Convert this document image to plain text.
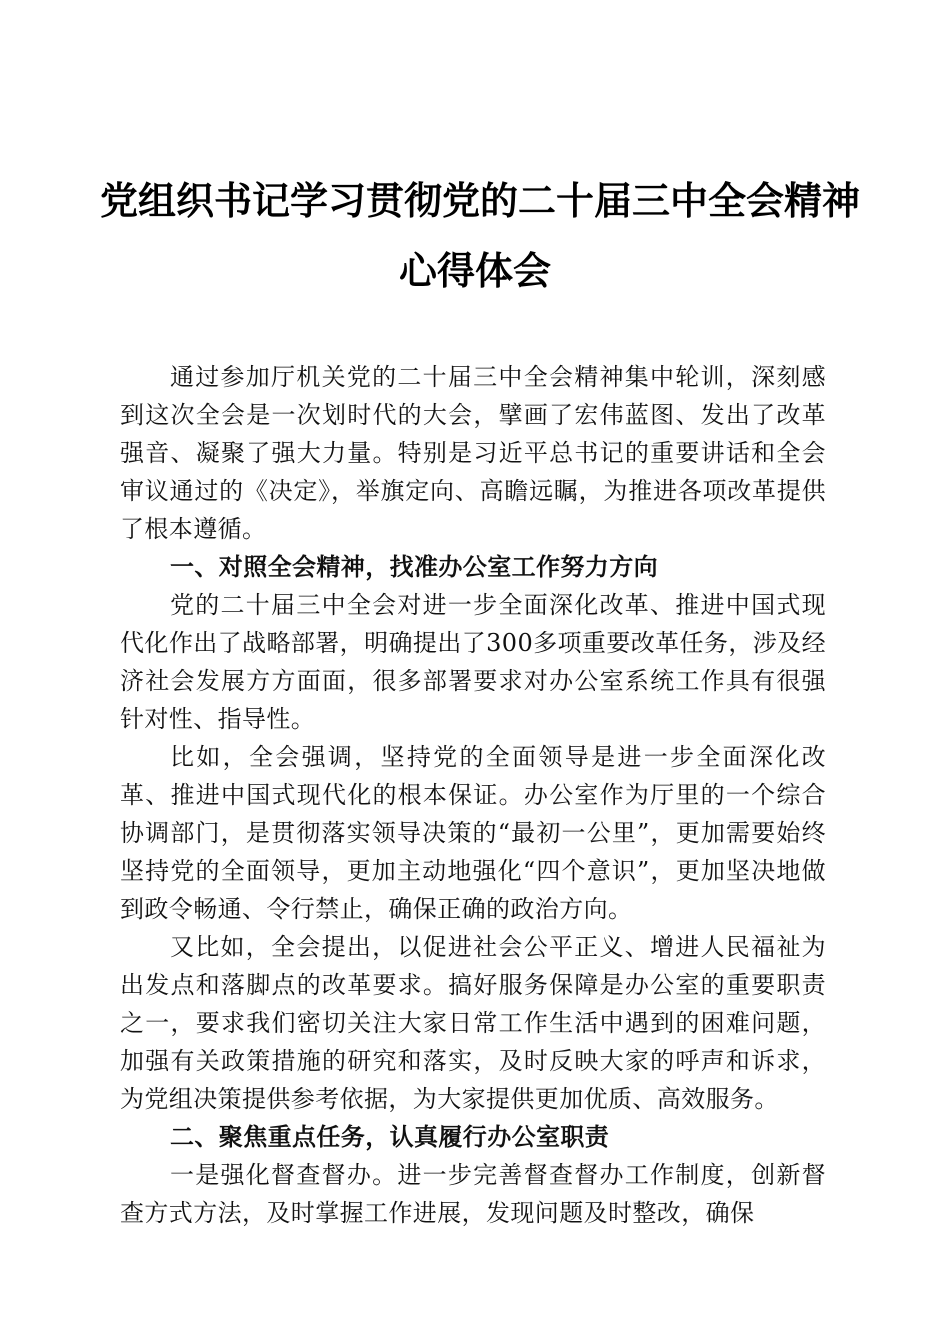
党组织书记学习贯彻党的二十届三中全会精神
心得体会

通过参加厅机关党的二十届三中全会精神集中轮训，深刻感到这次全会是一次划时代的大会，擘画了宏伟蓝图、发出了改革强音、凝聚了强大力量。特别是习近平总书记的重要讲话和全会审议通过的《决定》，举旗定向、高瞻远瞩，为推进各项改革提供了根本遵循。

一、对照全会精神，找准办公室工作努力方向

党的二十届三中全会对进一步全面深化改革、推进中国式现代化作出了战略部署，明确提出了300多项重要改革任务，涉及经济社会发展方方面面，很多部署要求对办公室系统工作具有很强针对性、指导性。

比如，全会强调，坚持党的全面领导是进一步全面深化改革、推进中国式现代化的根本保证。办公室作为厅里的一个综合协调部门，是贯彻落实领导决策的“最初一公里”，更加需要始终坚持党的全面领导，更加主动地强化“四个意识”，更加坚决地做到政令畅通、令行禁止，确保正确的政治方向。

又比如，全会提出，以促进社会公平正义、增进人民福祉为出发点和落脚点的改革要求。搞好服务保障是办公室的重要职责之一，要求我们密切关注大家日常工作生活中遇到的困难问题，加强有关政策措施的研究和落实，及时反映大家的呼声和诉求，为党组决策提供参考依据，为大家提供更加优质、高效服务。

二、聚焦重点任务，认真履行办公室职责

一是强化督查督办。进一步完善督查督办工作制度，创新督查方式方法，及时掌握工作进展，发现问题及时整改，确保
